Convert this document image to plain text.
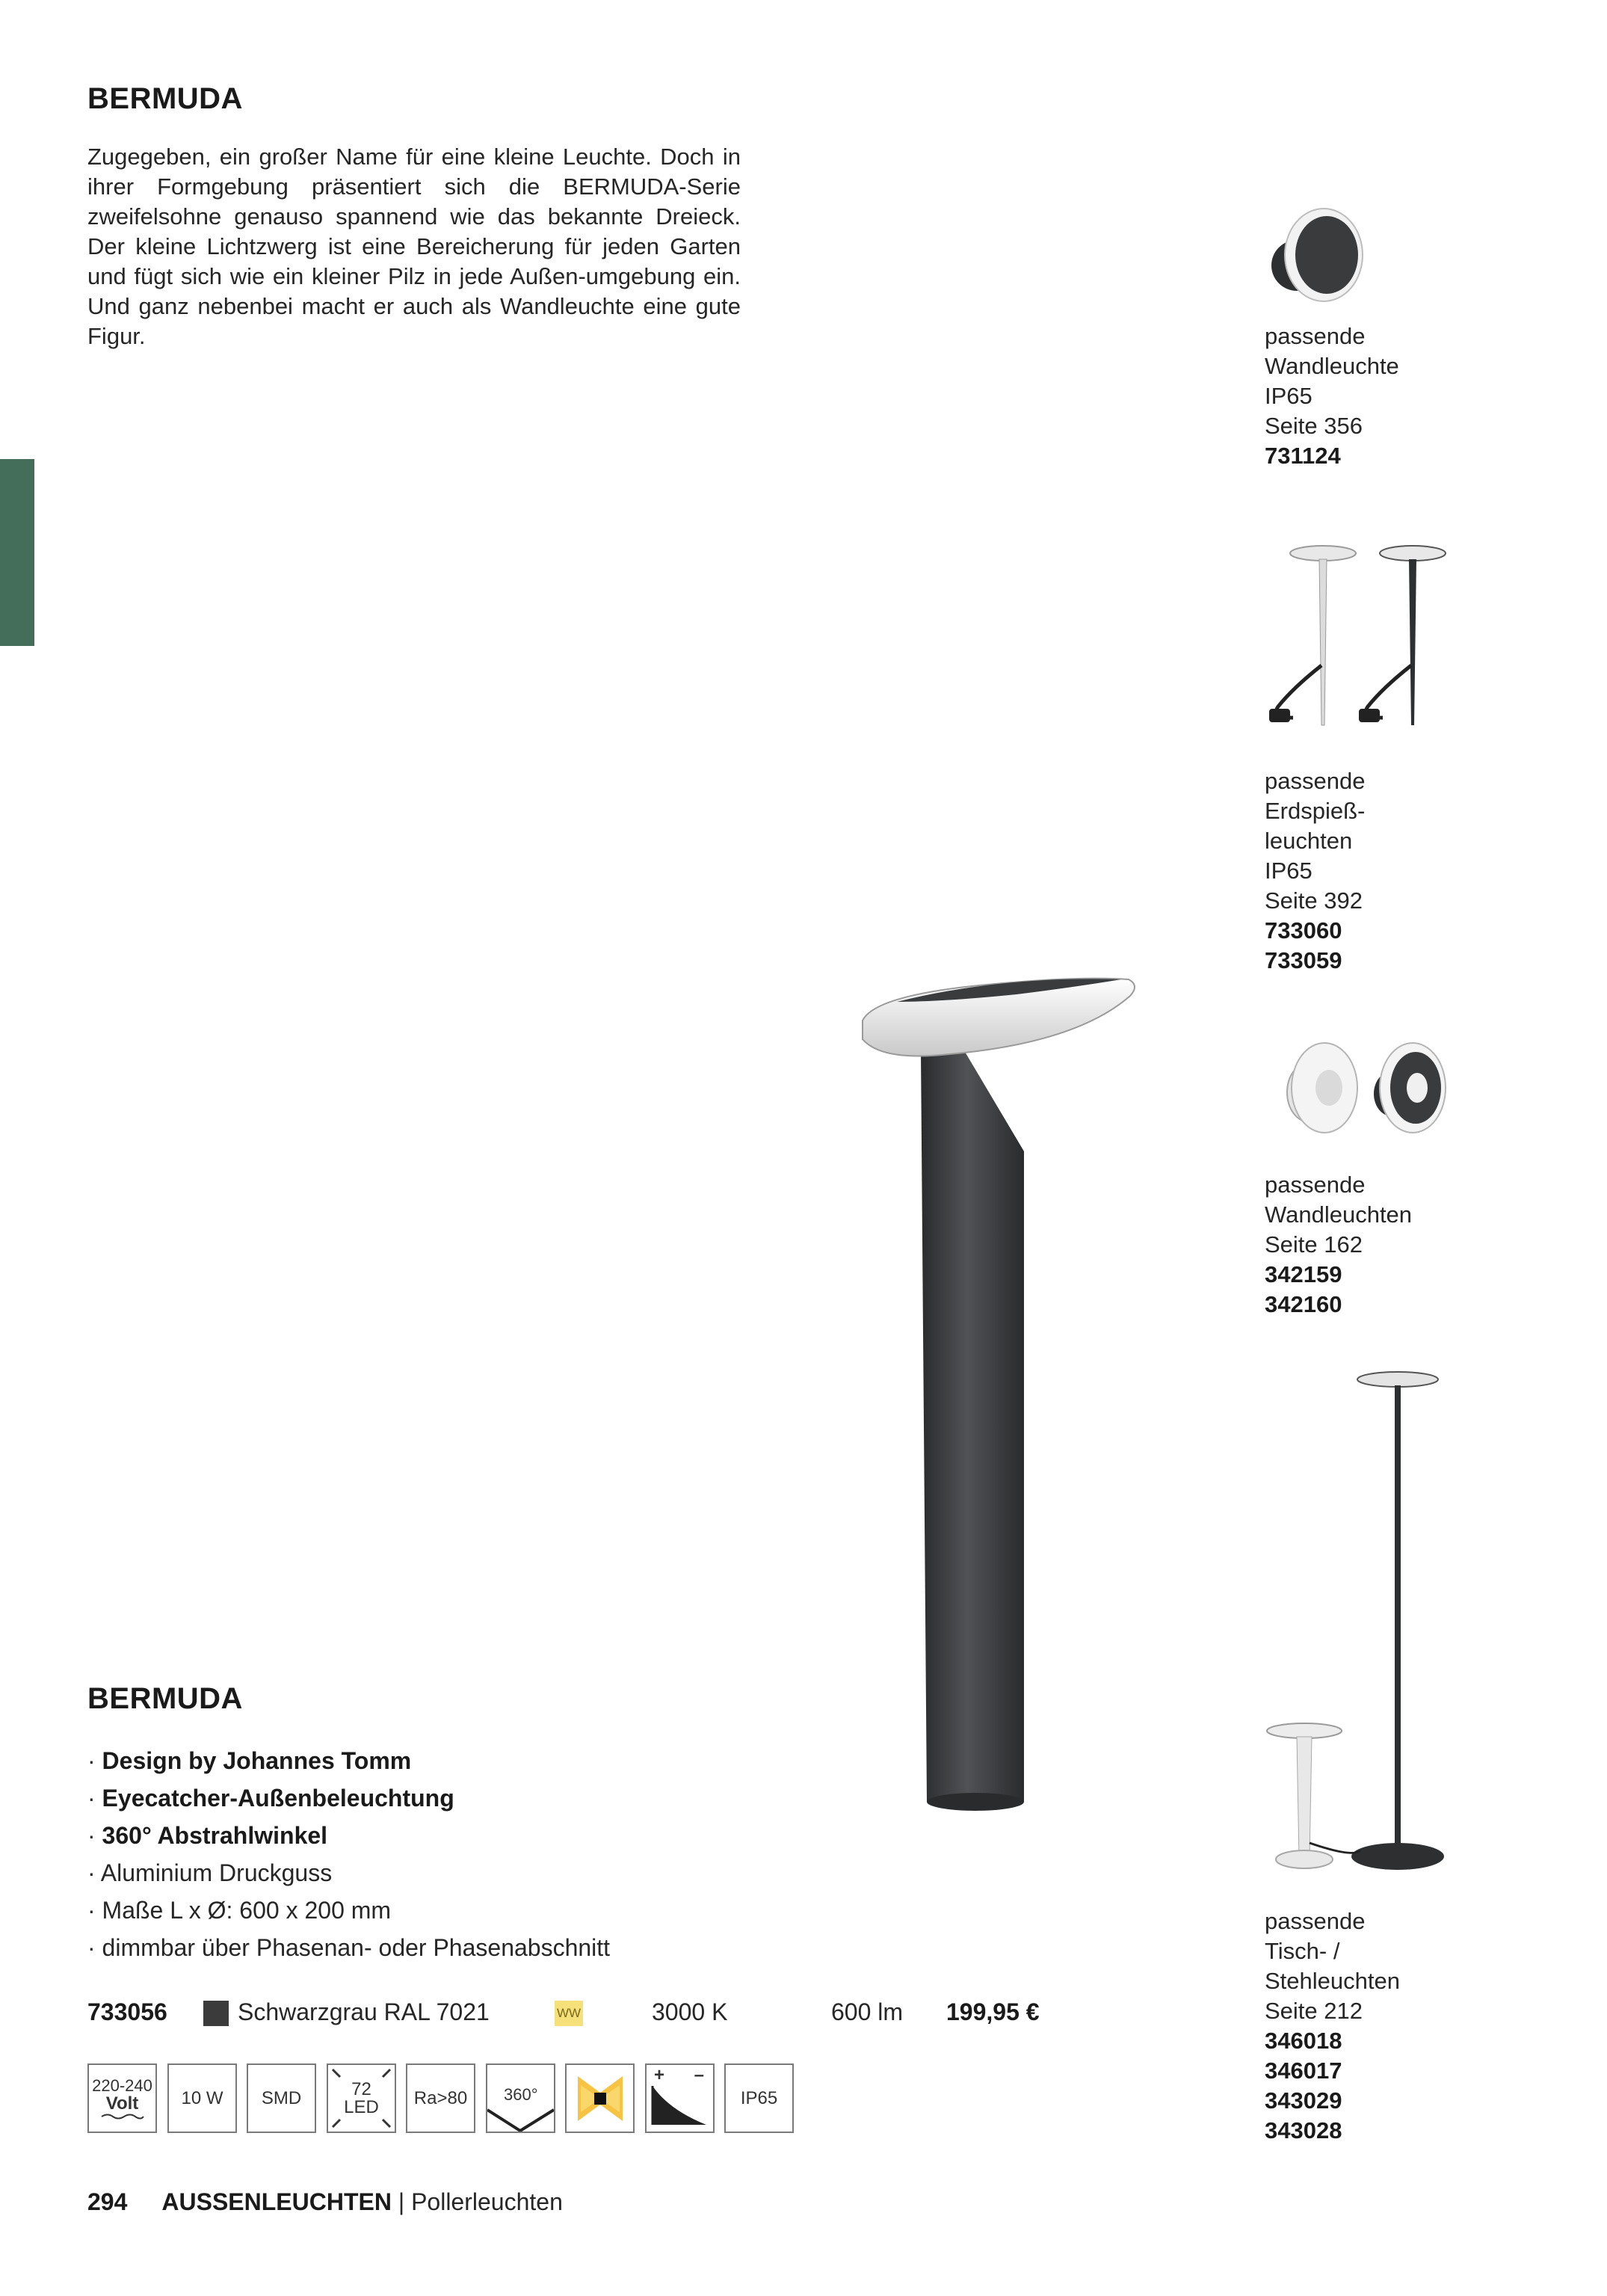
BERMUDA

Zugegeben, ein großer Name für eine kleine Leuchte. Doch in ihrer Formgebung präsentiert sich die BERMUDA-Serie zweifelsohne genauso spannend wie das bekannte Dreieck. Der kleine Lichtzwerg ist eine Bereicherung für jeden Garten und fügt sich wie ein kleiner Pilz in jede Außen-umgebung ein. Und ganz nebenbei macht er auch als Wandleuchte eine gute Figur.	passende
Wandleuchte
IP65
Seite 356
731124
passende
Erdspieß-
leuchten
IP65
Seite 392
733060
733059
passende
Wandleuchten
Seite 162
342159
342160
passende
Tisch- /
Stehleuchten
Seite 212
346018
346017
343029
343028
BERMUDA
· Design by Johannes Tomm
· Eyecatcher-Außenbeleuchtung
· 360° Abstrahlwinkel
· Aluminium Druckguss
· Maße L x Ø: 600 x 200 mm
· dimmbar über Phasenan- oder Phasenabschnitt
733056	Schwarzgrau RAL 7021	WW	3000 K	600 lm 199,95 €
220-240
Volt 10 W SMD	72
LED Ra>80 360°
+ –
IP65
294 AUSSENLEUCHTEN | Pollerleuchten
